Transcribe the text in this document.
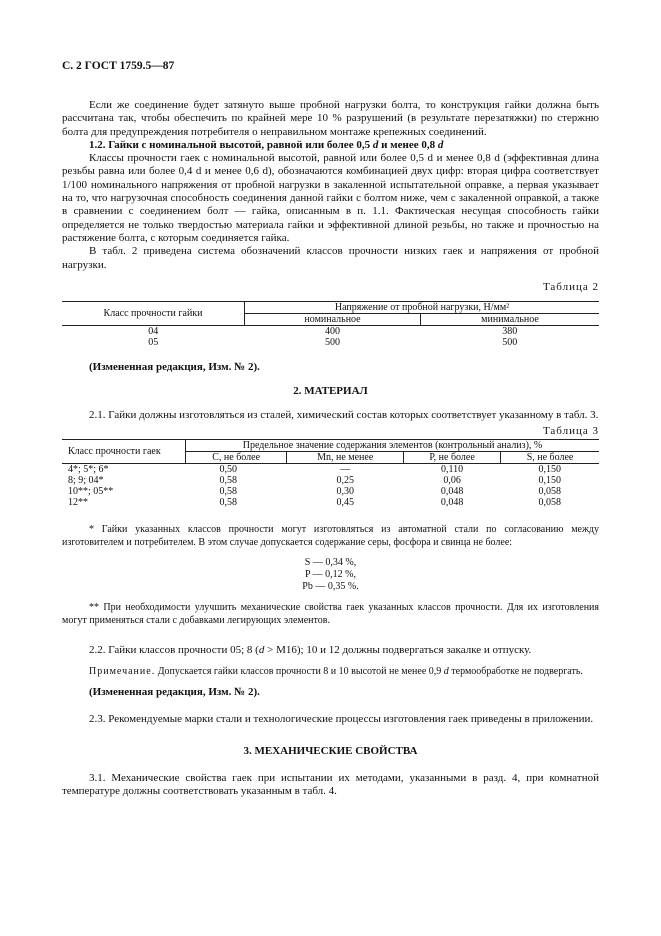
С. 2 ГОСТ 1759.5—87

Если же соединение будет затянуто выше пробной нагрузки болта, то конструкция гайки должна быть рассчитана так, чтобы обеспечить по крайней мере 10 % разрушений (в результате перезатяжки) по стержню болта для предупреждения потребителя о неправильном монтаже крепежных соединений.

1.2. Гайки с номинальной высотой, равной или более 0,5 d и менее 0,8 d

Классы прочности гаек с номинальной высотой, равной или более 0,5 d и менее 0,8 d (эффективная длина резьбы равна или более 0,4 d и менее 0,6 d), обозначаются комбинацией двух цифр: вторая цифра соответствует 1/100 номинального напряжения от пробной нагрузки в закаленной испытательной оправке, а первая указывает на то, что нагрузочная способность соединения данной гайки с болтом ниже, чем с закаленной оправкой, а также в сравнении с соединением болт — гайка, описанным в п. 1.1. Фактическая несущая способность гайки определяется не только твердостью материала гайки и эффективной длиной резьбы, но также и прочностью на растяжение болта, с которым соединяется гайка.

В табл. 2 приведена система обозначений классов прочности низких гаек и напряжения от пробной нагрузки.

Таблица 2

Класс прочности гайки	Напряжение от пробной нагрузки, Н/мм²	
	номинальное	минимальное
04	400	380
05	500	500

(Измененная редакция, Изм. № 2).

2. МАТЕРИАЛ

2.1. Гайки должны изготовляться из сталей, химический состав которых соответствует указанному в табл. 3.

Таблица 3

Класс прочности гаек	Предельное значение содержания элементов (контрольный анализ), %			
	С, не более	Мn, не менее	Р, не более	S, не более
4*; 5*; 6*	0,50	—	0,110	0,150
8; 9; 04*	0,58	0,25	0,06	0,150
10**; 05**	0,58	0,30	0,048	0,058
12**	0,58	0,45	0,048	0,058

* Гайки указанных классов прочности могут изготовляться из автоматной стали по согласованию между изготовителем и потребителем. В этом случае допускается содержание серы, фосфора и свинца не более:

S — 0,34 %,
P — 0,12 %,
Pb — 0,35 %.

** При необходимости улучшить механические свойства гаек указанных классов прочности. Для их изготовления могут применяться стали с добавками легирующих элементов.

2.2. Гайки классов прочности 05; 8 (d > М16); 10 и 12 должны подвергаться закалке и отпуску.

Примечание. Допускается гайки классов прочности 8 и 10 высотой не менее 0,9 d термообработке не подвергать.

(Измененная редакция, Изм. № 2).

2.3. Рекомендуемые марки стали и технологические процессы изготовления гаек приведены в приложении.

3. МЕХАНИЧЕСКИЕ СВОЙСТВА

3.1. Механические свойства гаек при испытании их методами, указанными в разд. 4, при комнатной температуре должны соответствовать указанным в табл. 4.
